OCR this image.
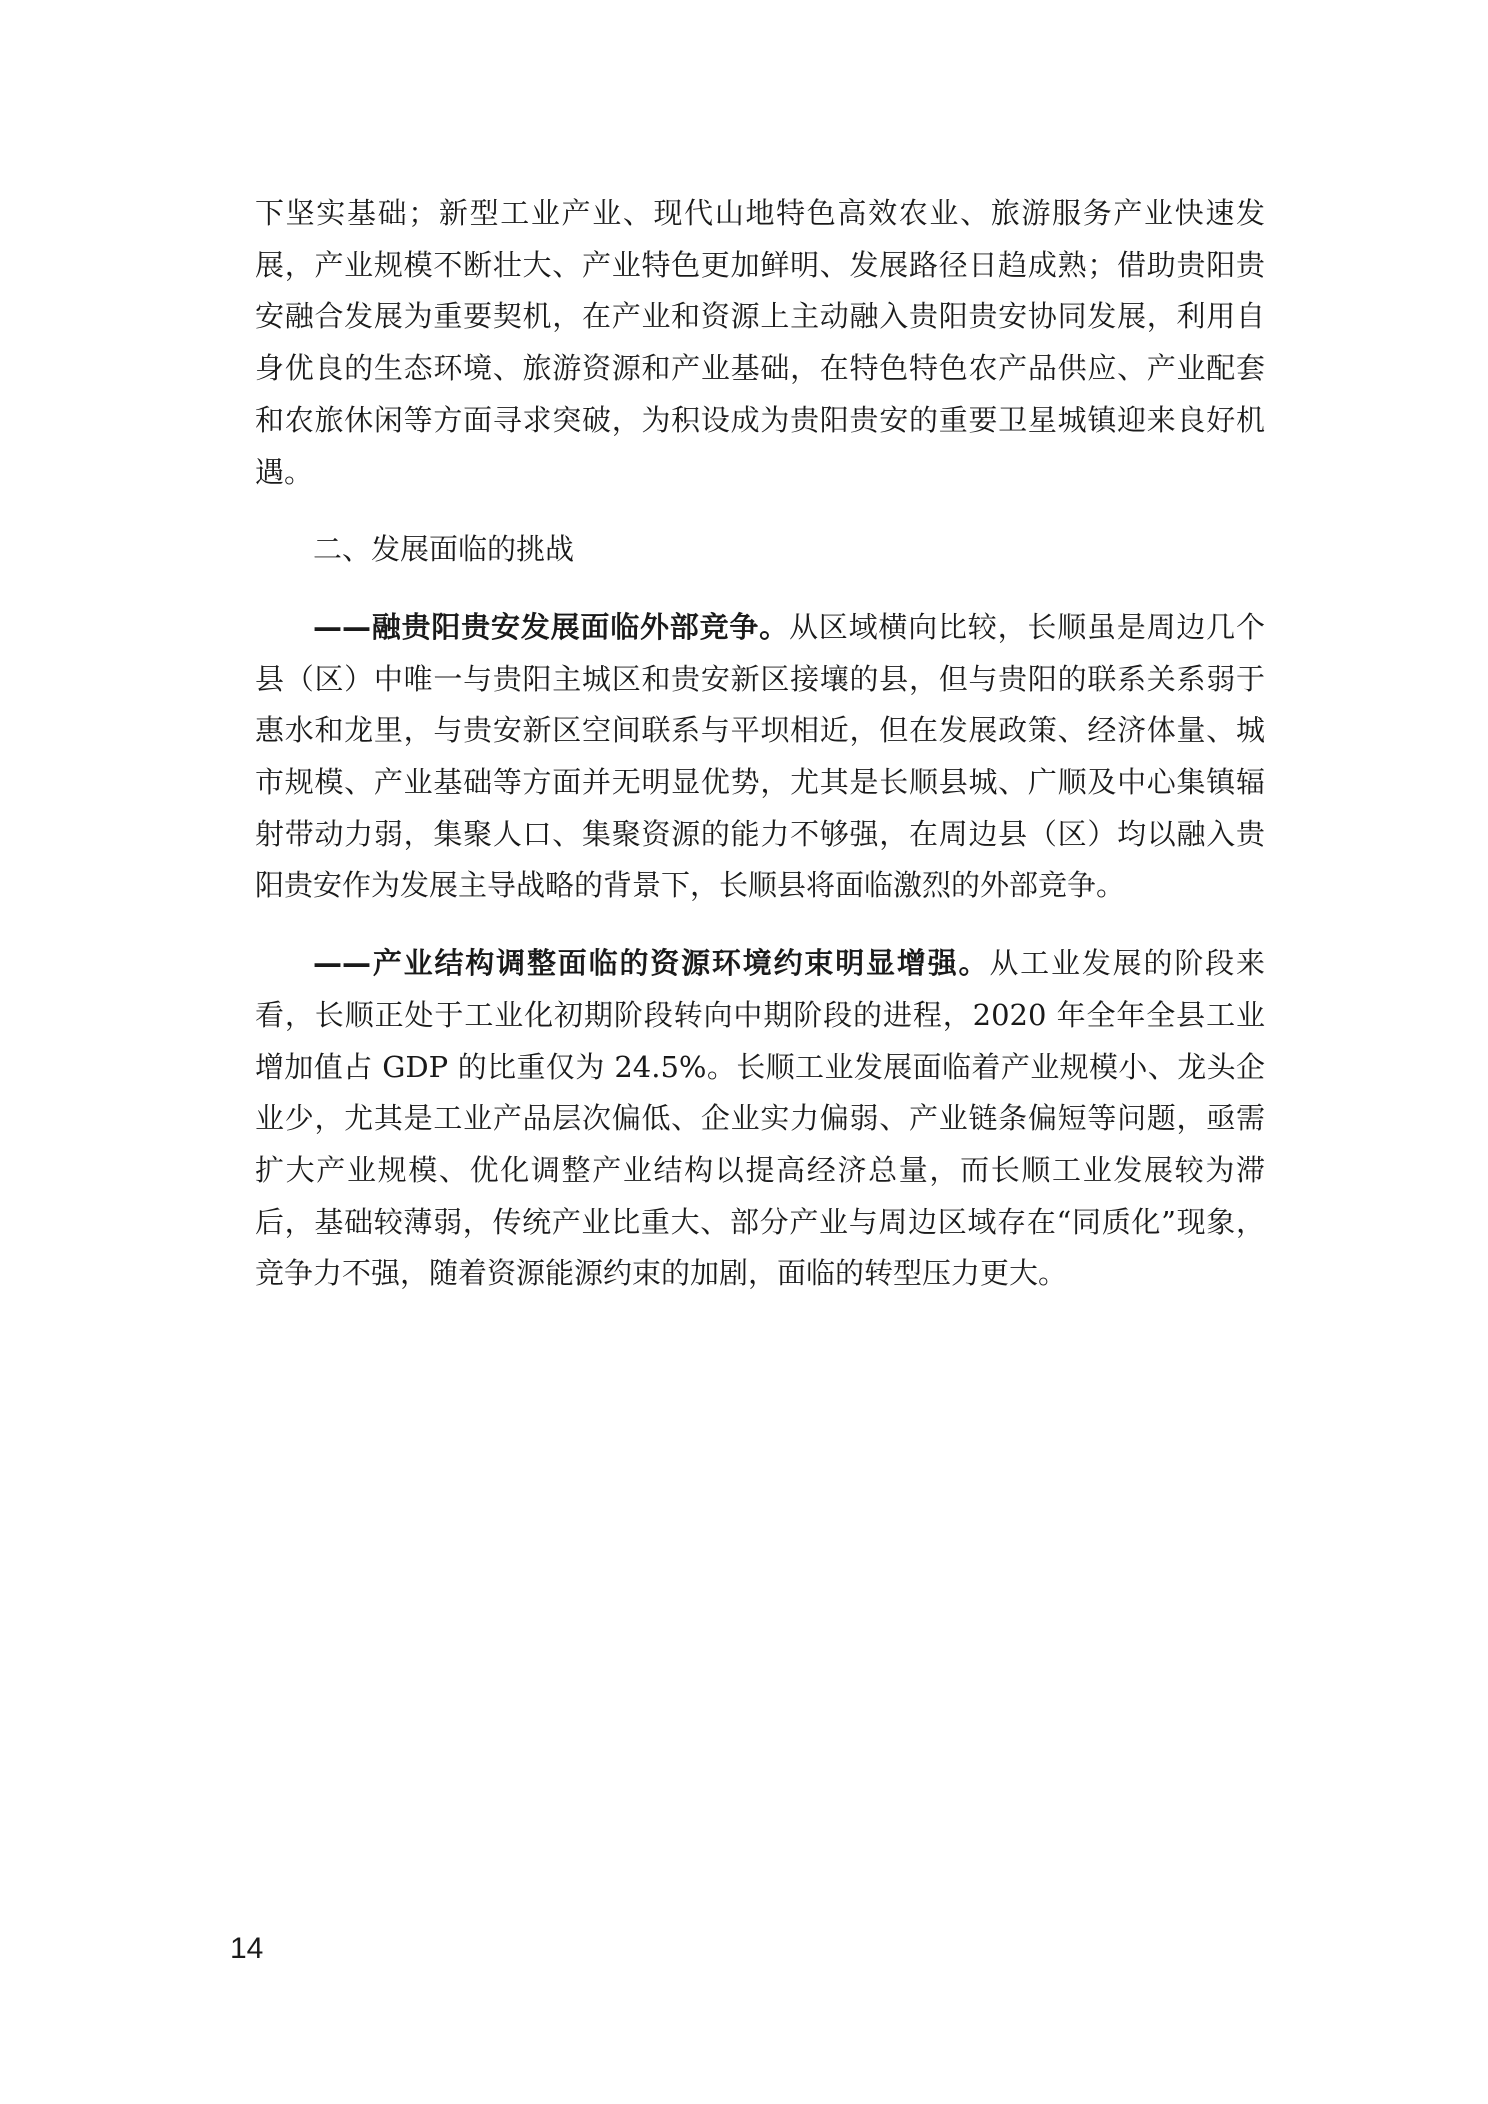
下坚实基础；新型工业产业、现代山地特色高效农业、旅游服务产业快速发展，产业规模不断壮大、产业特色更加鲜明、发展路径日趋成熟；借助贵阳贵安融合发展为重要契机，在产业和资源上主动融入贵阳贵安协同发展，利用自身优良的生态环境、旅游资源和产业基础，在特色特色农产品供应、产业配套和农旅休闲等方面寻求突破，为积设成为贵阳贵安的重要卫星城镇迎来良好机遇。

二、发展面临的挑战

——融贵阳贵安发展面临外部竞争。从区域横向比较，长顺虽是周边几个县（区）中唯一与贵阳主城区和贵安新区接壤的县，但与贵阳的联系关系弱于惠水和龙里，与贵安新区空间联系与平坝相近，但在发展政策、经济体量、城市规模、产业基础等方面并无明显优势，尤其是长顺县城、广顺及中心集镇辐射带动力弱，集聚人口、集聚资源的能力不够强，在周边县（区）均以融入贵阳贵安作为发展主导战略的背景下，长顺县将面临激烈的外部竞争。

——产业结构调整面临的资源环境约束明显增强。从工业发展的阶段来看，长顺正处于工业化初期阶段转向中期阶段的进程，2020 年全年全县工业增加值占 GDP 的比重仅为 24.5%。长顺工业发展面临着产业规模小、龙头企业少，尤其是工业产品层次偏低、企业实力偏弱、产业链条偏短等问题，亟需扩大产业规模、优化调整产业结构以提高经济总量，而长顺工业发展较为滞后，基础较薄弱，传统产业比重大、部分产业与周边区域存在“同质化”现象，竞争力不强，随着资源能源约束的加剧，面临的转型压力更大。

14
